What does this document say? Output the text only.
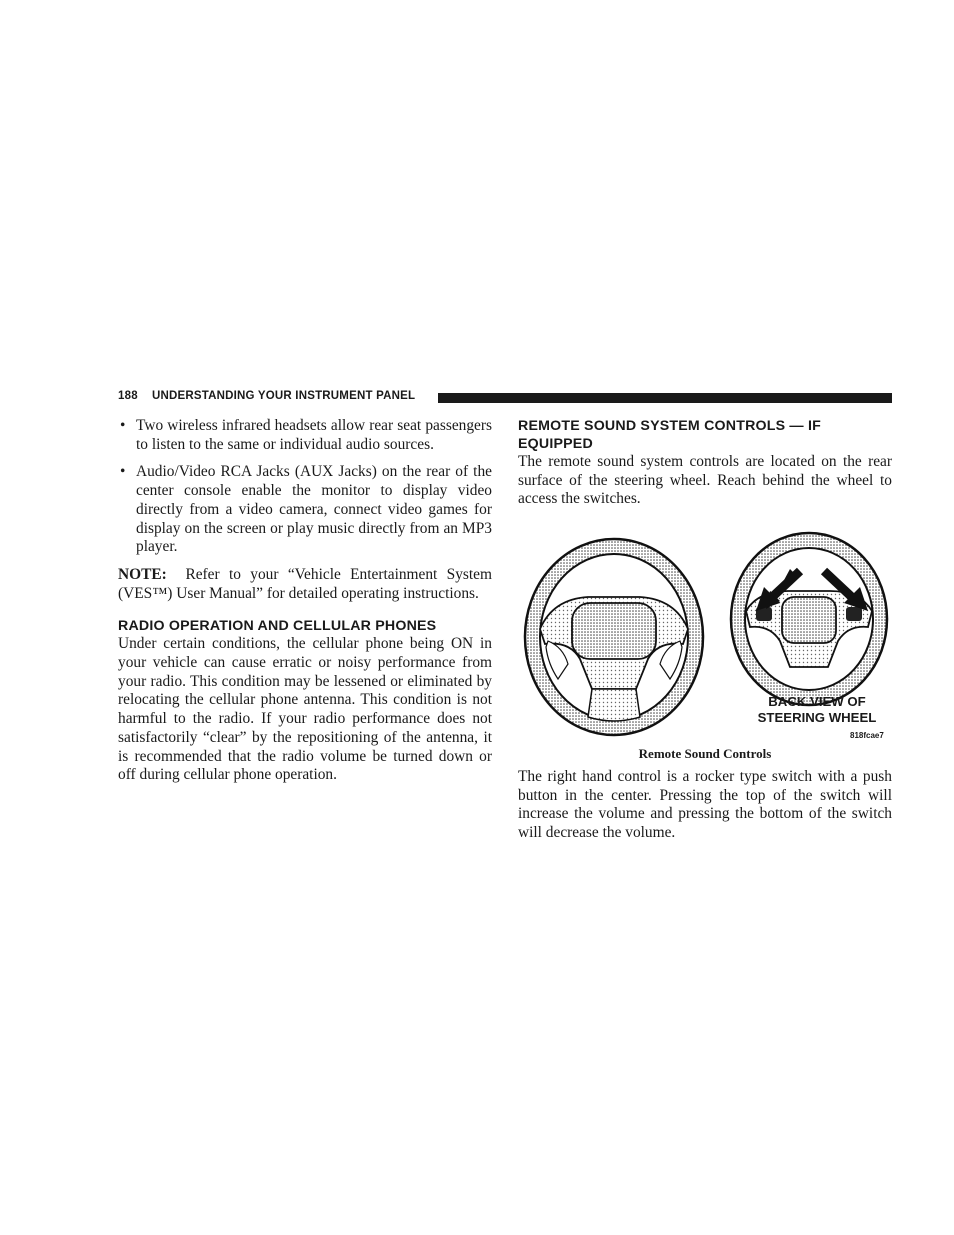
188 UNDERSTANDING YOUR INSTRUMENT PANEL
• Two wireless infrared headsets allow rear seat passengers to listen to the same or individual audio sources.
• Audio/Video RCA Jacks (AUX Jacks) on the rear of the center console enable the monitor to display video directly from a video camera, connect video games for display on the screen or play music directly from an MP3 player.

NOTE: Refer to your “Vehicle Entertainment System (VES™) User Manual” for detailed operating instructions.

RADIO OPERATION AND CELLULAR PHONES

Under certain conditions, the cellular phone being ON in your vehicle can cause erratic or noisy performance from your radio. This condition may be lessened or eliminated by relocating the cellular phone antenna. This condition is not harmful to the radio. If your radio performance does not satisfactorily “clear” by the repositioning of the antenna, it is recommended that the radio volume be turned down or off during cellular phone operation.

REMOTE SOUND SYSTEM CONTROLS — IF EQUIPPED

The remote sound system controls are located on the rear surface of the steering wheel. Reach behind the wheel to access the switches.

BACK VIEW OF
STEERING WHEEL
818fcae7
Remote Sound Controls

The right hand control is a rocker type switch with a push button in the center. Pressing the top of the switch will increase the volume and pressing the bottom of the switch will decrease the volume.
